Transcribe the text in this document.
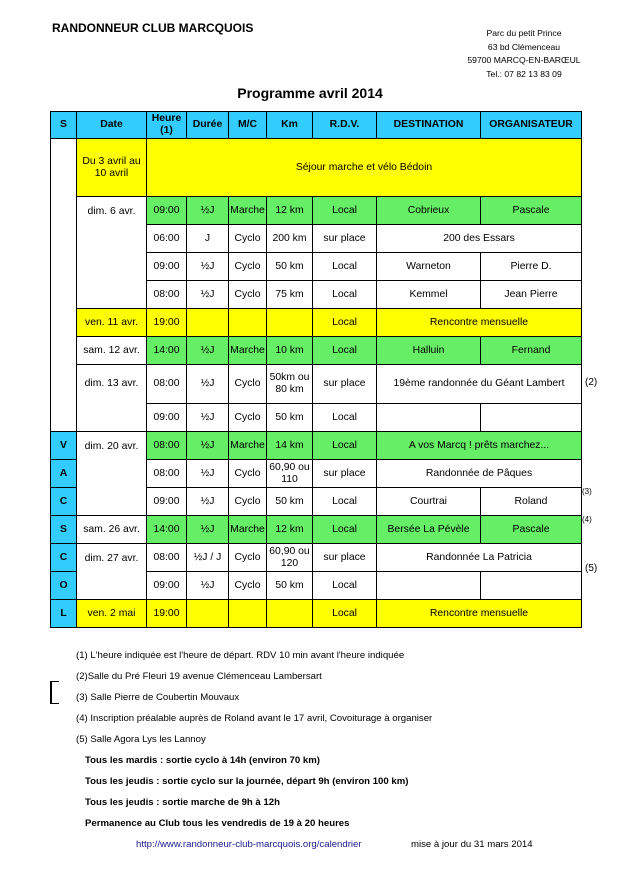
RANDONNEUR CLUB MARCQUOIS	Parc du petit Prince
63 bd Clémenceau
59700 MARCQ-EN-BARŒUL
Tel.: 07 82 13 83 09
Programme avril 2014
S	Date	Heure (1)	Durée	M/C	Km	R.D.V.	DESTINATION	ORGANISATEUR
	Du 3 avril au 10 avril	Séjour marche et vélo Bédoin						
	dim. 6 avr.	09:00	½J	Marche	12 km	Local	Cobrieux	Pascale
		06:00	J	Cyclo	200 km	sur place	200 des Essars	
		09:00	½J	Cyclo	50 km	Local	Warneton	Pierre D.
		08:00	½J	Cyclo	75 km	Local	Kemmel	Jean Pierre
	ven. 11 avr.	19:00				Local	Rencontre mensuelle	
	sam. 12 avr.	14:00	½J	Marche	10 km	Local	Halluin	Fernand
	dim. 13 avr.	08:00	½J	Cyclo	50km ou 80 km	sur place	19ème randonnée du Géant Lambert	
		09:00	½J	Cyclo	50 km	Local		
V	dim. 20 avr.	08:00	½J	Marche	14 km	Local	A vos Marcq ! prêts marchez...	
A		08:00	½J	Cyclo	60,90 ou 110	sur place	Randonnée de Pâques	
C		09:00	½J	Cyclo	50 km	Local	Courtrai	Roland
S	sam. 26 avr.	14:00	½J	Marche	12 km	Local	Bersée La Pévèle	Pascale
C	dim. 27 avr.	08:00	½J / J	Cyclo	60,90 ou 120	sur place	Randonnée La Patricia	
O		09:00	½J	Cyclo	50 km	Local		
L	ven. 2 mai	19:00				Local	Rencontre mensuelle	
(2)
(3)
(4)
(5)
(1) L'heure indiquée est l'heure de départ. RDV 10 min avant l'heure indiquée
(2)Salle du Pré Fleuri 19 avenue Clémenceau Lambersart
(3) Salle Pierre de Coubertin Mouvaux
(4) Inscription préalable auprès de Roland avant le 17 avril, Covoiturage à organiser
(5) Salle Agora Lys les Lannoy
Tous les mardis : sortie cyclo à 14h (environ 70 km)
Tous les jeudis : sortie cyclo sur la journée, départ 9h (environ 100 km)
Tous les jeudis : sortie marche de 9h à 12h
Permanence au Club tous les vendredis de 19 à 20 heures
http://www.randonneur-club-marcquois.org/calendrier	mise à jour du 31 mars 2014
